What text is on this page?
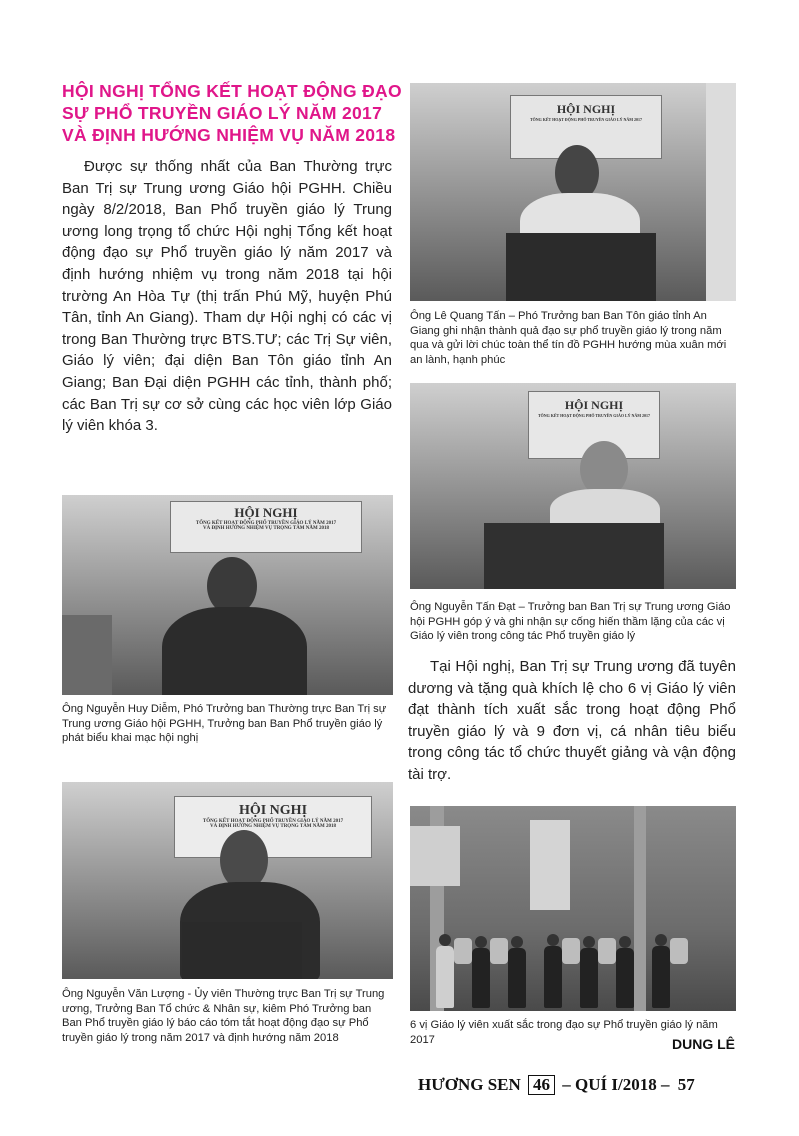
HỘI NGHỊ TỔNG KẾT HOẠT ĐỘNG ĐẠO
SỰ PHỔ TRUYỀN GIÁO LÝ NĂM 2017
VÀ ĐỊNH HƯỚNG NHIỆM VỤ NĂM 2018

Được sự thống nhất của Ban Thường trực Ban Trị sự Trung ương Giáo hội PGHH. Chiều ngày 8/2/2018, Ban Phổ truyền giáo lý Trung ương long trọng tổ chức Hội nghị Tổng kết hoạt động đạo sự Phổ truyền giáo lý năm 2017 và định hướng nhiệm vụ trong năm 2018 tại hội trường An Hòa Tự (thị trấn Phú Mỹ, huyện Phú Tân, tỉnh An Giang). Tham dự Hội nghị có các vị trong Ban Thường trực BTS.TƯ; các Trị Sự viên, Giáo lý viên; đại diện Ban Tôn giáo tỉnh An Giang; Ban Đại diện PGHH các tỉnh, thành phố; các Ban Trị sự cơ sở cùng các học viên lớp Giáo lý viên khóa 3.

HỘI NGHỊ
TỔNG KẾT HOẠT ĐỘNG PHỔ TRUYỀN GIÁO LÝ NĂM 2017
VÀ ĐỊNH HƯỚNG NHIỆM VỤ TRỌNG TÂM NĂM 2018
Ông Nguyễn Huy Diễm, Phó Trưởng ban Thường trực Ban Trị sự Trung ương Giáo hội PGHH, Trưởng ban Ban Phổ truyền giáo lý phát biểu khai mạc hội nghị
HỘI NGHỊ
TỔNG KẾT HOẠT ĐỘNG PHỔ TRUYỀN GIÁO LÝ NĂM 2017
VÀ ĐỊNH HƯỚNG NHIỆM VỤ TRỌNG TÂM NĂM 2018
Ông Nguyễn Văn Lượng - Ủy viên Thường trực Ban Trị sự Trung ương, Trưởng Ban Tổ chức & Nhân sự, kiêm Phó Trưởng ban Ban Phổ truyền giáo lý báo cáo tóm tắt hoạt động đạo sự Phổ truyền giáo lý trong năm 2017 và định hướng năm 2018
HỘI NGHỊ
TỔNG KẾT HOẠT ĐỘNG PHỔ TRUYỀN GIÁO LÝ NĂM 2017
Ông Lê Quang Tấn – Phó Trưởng ban Ban Tôn giáo tỉnh An Giang ghi nhận thành quả đạo sự phổ truyền giáo lý trong năm qua và gửi lời chúc toàn thể tín đồ PGHH hướng mùa xuân mới an lành, hạnh phúc
HỘI NGHỊ
TỔNG KẾT HOẠT ĐỘNG PHỔ TRUYỀN GIÁO LÝ NĂM 2017
Ông Nguyễn Tấn Đạt – Trưởng ban Ban Trị sự Trung ương Giáo hội PGHH góp ý và ghi nhận sự cống hiến thầm lặng của các vị Giáo lý viên trong công tác Phổ truyền giáo lý

Tại Hội nghị, Ban Trị sự Trung ương đã tuyên dương và tặng quà khích lệ cho 6 vị Giáo lý viên đạt thành tích xuất sắc trong hoạt động Phổ truyền giáo lý và 9 đơn vị, cá nhân tiêu biểu trong công tác tổ chức thuyết giảng và vận động tài trợ.

6 vị Giáo lý viên xuất sắc trong đạo sự Phổ truyền giáo lý năm 2017	DUNG LÊ
HƯƠNG SEN 46 – QUÍ I/2018 – 57
